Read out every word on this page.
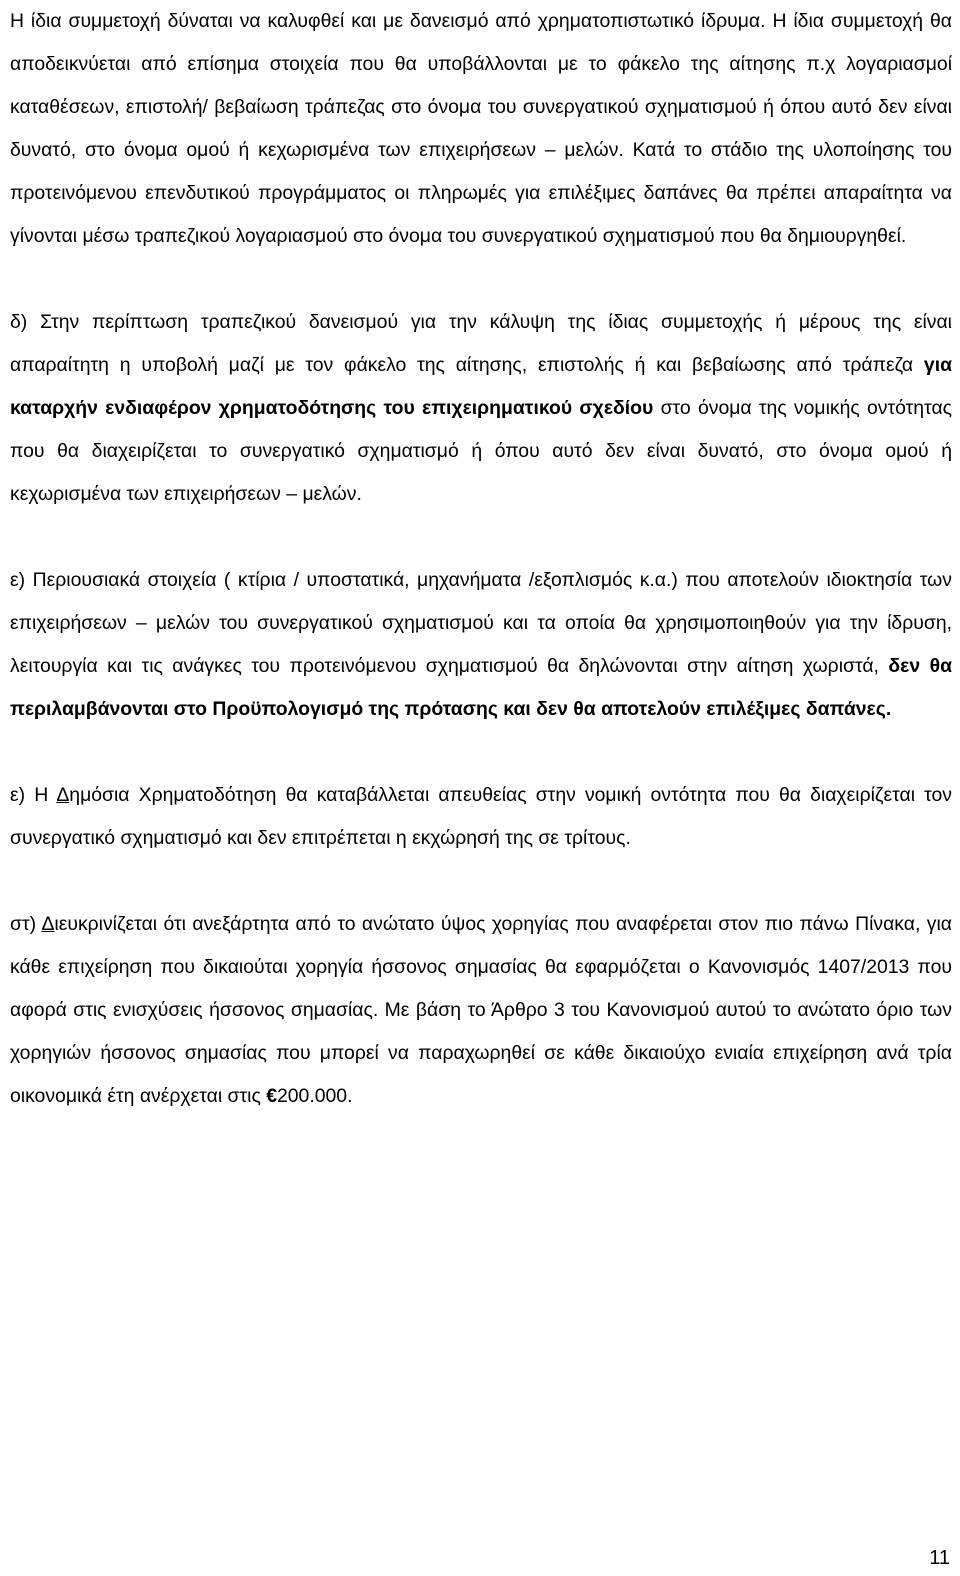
Η ίδια συμμετοχή δύναται να καλυφθεί και με δανεισμό από χρηματοπιστωτικό ίδρυμα. Η ίδια συμμετοχή θα αποδεικνύεται από επίσημα στοιχεία που θα υποβάλλονται με το φάκελο της αίτησης π.χ λογαριασμοί καταθέσεων, επιστολή/ βεβαίωση τράπεζας στο όνομα του συνεργατικού σχηματισμού ή όπου αυτό δεν είναι δυνατό, στο όνομα ομού ή κεχωρισμένα των επιχειρήσεων – μελών. Κατά το στάδιο της υλοποίησης του προτεινόμενου επενδυτικού προγράμματος οι πληρωμές για επιλέξιμες δαπάνες θα πρέπει απαραίτητα να γίνονται μέσω τραπεζικού λογαριασμού στο όνομα του συνεργατικού σχηματισμού που θα δημιουργηθεί.

δ) Στην περίπτωση τραπεζικού δανεισμού για την κάλυψη της ίδιας συμμετοχής ή μέρους της είναι απαραίτητη η υποβολή μαζί με τον φάκελο της αίτησης, επιστολής ή και βεβαίωσης από τράπεζα για καταρχήν ενδιαφέρον χρηματοδότησης του επιχειρηματικού σχεδίου στο όνομα της νομικής οντότητας που θα διαχειρίζεται το συνεργατικό σχηματισμό ή όπου αυτό δεν είναι δυνατό, στο όνομα ομού ή κεχωρισμένα των επιχειρήσεων – μελών.

ε) Περιουσιακά στοιχεία ( κτίρια / υποστατικά, μηχανήματα /εξοπλισμός κ.α.) που αποτελούν ιδιοκτησία των επιχειρήσεων – μελών του συνεργατικού σχηματισμού και τα οποία θα χρησιμοποιηθούν για την ίδρυση, λειτουργία και τις ανάγκες του προτεινόμενου σχηματισμού θα δηλώνονται στην αίτηση χωριστά, δεν θα περιλαμβάνονται στο Προϋπολογισμό της πρότασης και δεν θα αποτελούν επιλέξιμες δαπάνες.

ε) Η Δημόσια Χρηματοδότηση θα καταβάλλεται απευθείας στην νομική οντότητα που θα διαχειρίζεται τον συνεργατικό σχηματισμό και δεν επιτρέπεται η εκχώρησή της σε τρίτους.

στ) Διευκρινίζεται ότι ανεξάρτητα από το ανώτατο ύψος χορηγίας που αναφέρεται στον πιο πάνω Πίνακα, για κάθε επιχείρηση που δικαιούται χορηγία ήσσονος σημασίας θα εφαρμόζεται ο Κανονισμός 1407/2013 που αφορά στις ενισχύσεις ήσσονος σημασίας. Με βάση το Άρθρο 3 του Κανονισμού αυτού το ανώτατο όριο των χορηγιών ήσσονος σημασίας που μπορεί να παραχωρηθεί σε κάθε δικαιούχο ενιαία επιχείρηση ανά τρία οικονομικά έτη ανέρχεται στις €200.000.

11
